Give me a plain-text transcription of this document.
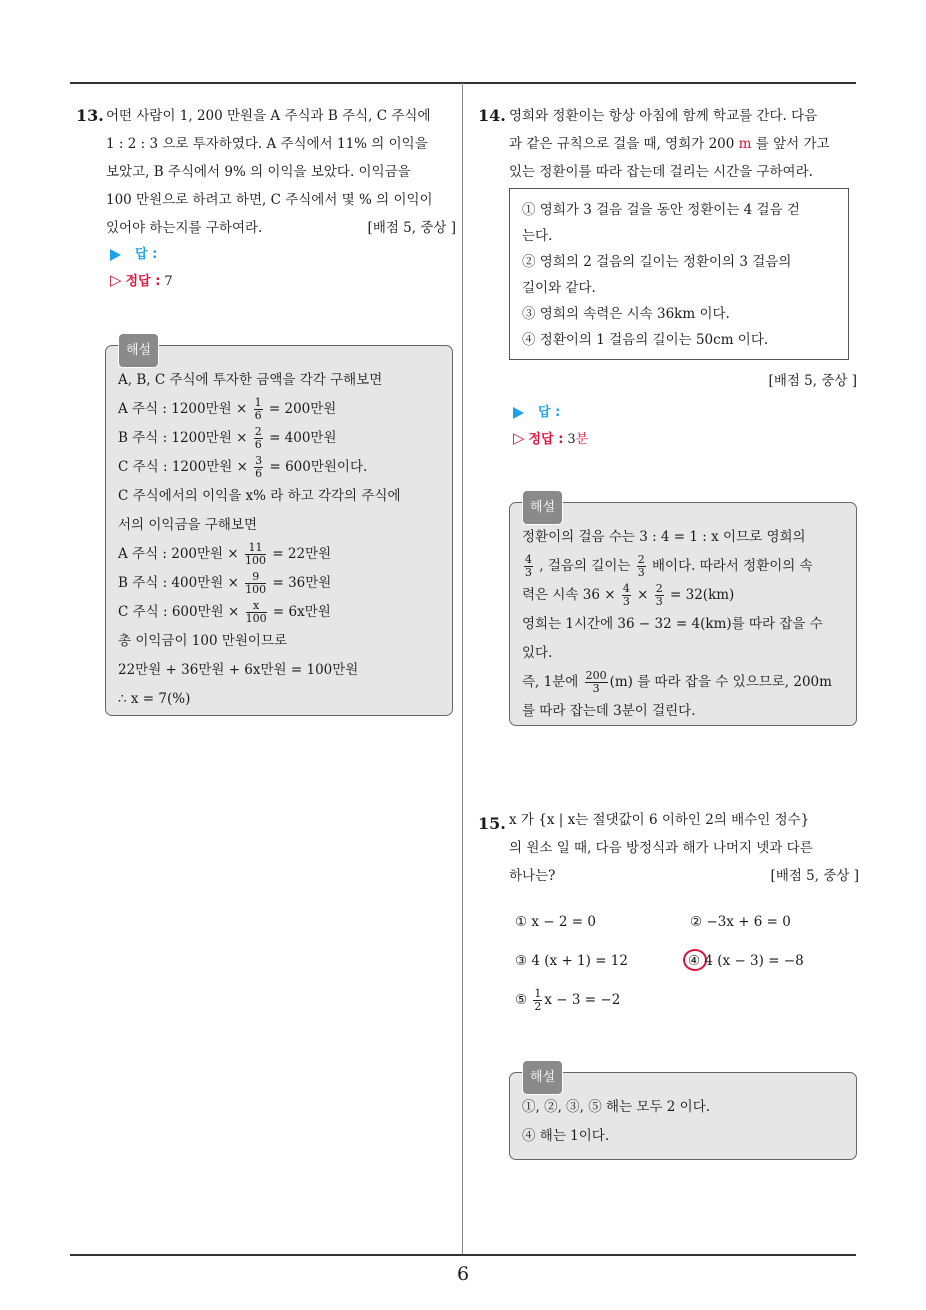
13. 어떤 사람이 1, 200 만원을 A 주식과 B 주식, C 주식에

1 : 2 : 3 으로 투자하였다. A 주식에서 11% 의 이익을

보았고, B 주식에서 9% 의 이익을 보았다. 이익금을

100 만원으로 하려고 하면, C 주식에서 몇 % 의 이익이

있어야 하는지를 구하여라.	[배점 5, 중상 ]

답 :
▷ 정답 : 7
해설

A, B, C 주식에 투자한 금액을 각각 구해보면

A 주식 : 1200만원 × $\frac{1}{6} = 200$만원

B 주식 : 1200만원 × $\frac{2}{6} = 400$만원

C 주식 : 1200만원 × $\frac{3}{6} = 600$만원이다.

C 주식에서의 이익을 x% 라 하고 각각의 주식에

서의 이익금을 구해보면

A 주식 : 200만원 × $\frac{11}{100} = 22$만원

B 주식 : 400만원 × $\frac{9}{100} = 36$만원

C 주식 : 600만원 × $\frac{x}{100} = 6x$만원

총 이익금이 100 만원이므로

22만원 + 36만원 + 6x만원 = 100만원

∴ x = 7(%)

14. 영희와 정환이는 항상 아침에 함께 학교를 간다. 다음

과 같은 규칙으로 걸을 때, 영희가 200 m 를 앞서 가고

있는 정환이를 따라 잡는데 걸리는 시간을 구하여라.

① 영희가 3 걸음 걸을 동안 정환이는 4 걸음 걷

는다.

② 영희의 2 걸음의 길이는 정환이의 3 걸음의

길이와 같다.

③ 영희의 속력은 시속 36km 이다.

④ 정환이의 1 걸음의 길이는 50cm 이다.

[배점 5, 중상 ]

답 :
▷ 정답 : 3분
해설

정환이의 걸음 수는 3 : 4 = 1 : x 이므로 영희의

$\frac{4}{3}$ , 걸음의 길이는 $\frac{2}{3}$ 배이다. 따라서 정환이의 속

력은 시속 $36 \times \frac{4}{3} \times \frac{2}{3} = 32(km)$

영희는 1시간에 36 − 32 = 4(km)를 따라 잡을 수

있다.

즉, 1분에 $\frac{200}{3} (m)$ 를 따라 잡을 수 있으므로, 200m

를 따라 잡는데 3분이 걸린다.

15. x 가 {x | x는 절댓값이 6 이하인 2의 배수인 정수}

의 원소 일 때, 다음 방정식과 해가 나머지 넷과 다른

하나는?	[배점 5, 중상 ]

① x − 2 = 0	② −3x + 6 = 0
③ 4 (x + 1) = 12	④ 4 (x − 3) = −8
⑤ $\frac{1}{2}$ x − 3 = −2
해설

①, ②, ③, ⑤ 해는 모두 2 이다.

④ 해는 1이다.

6
